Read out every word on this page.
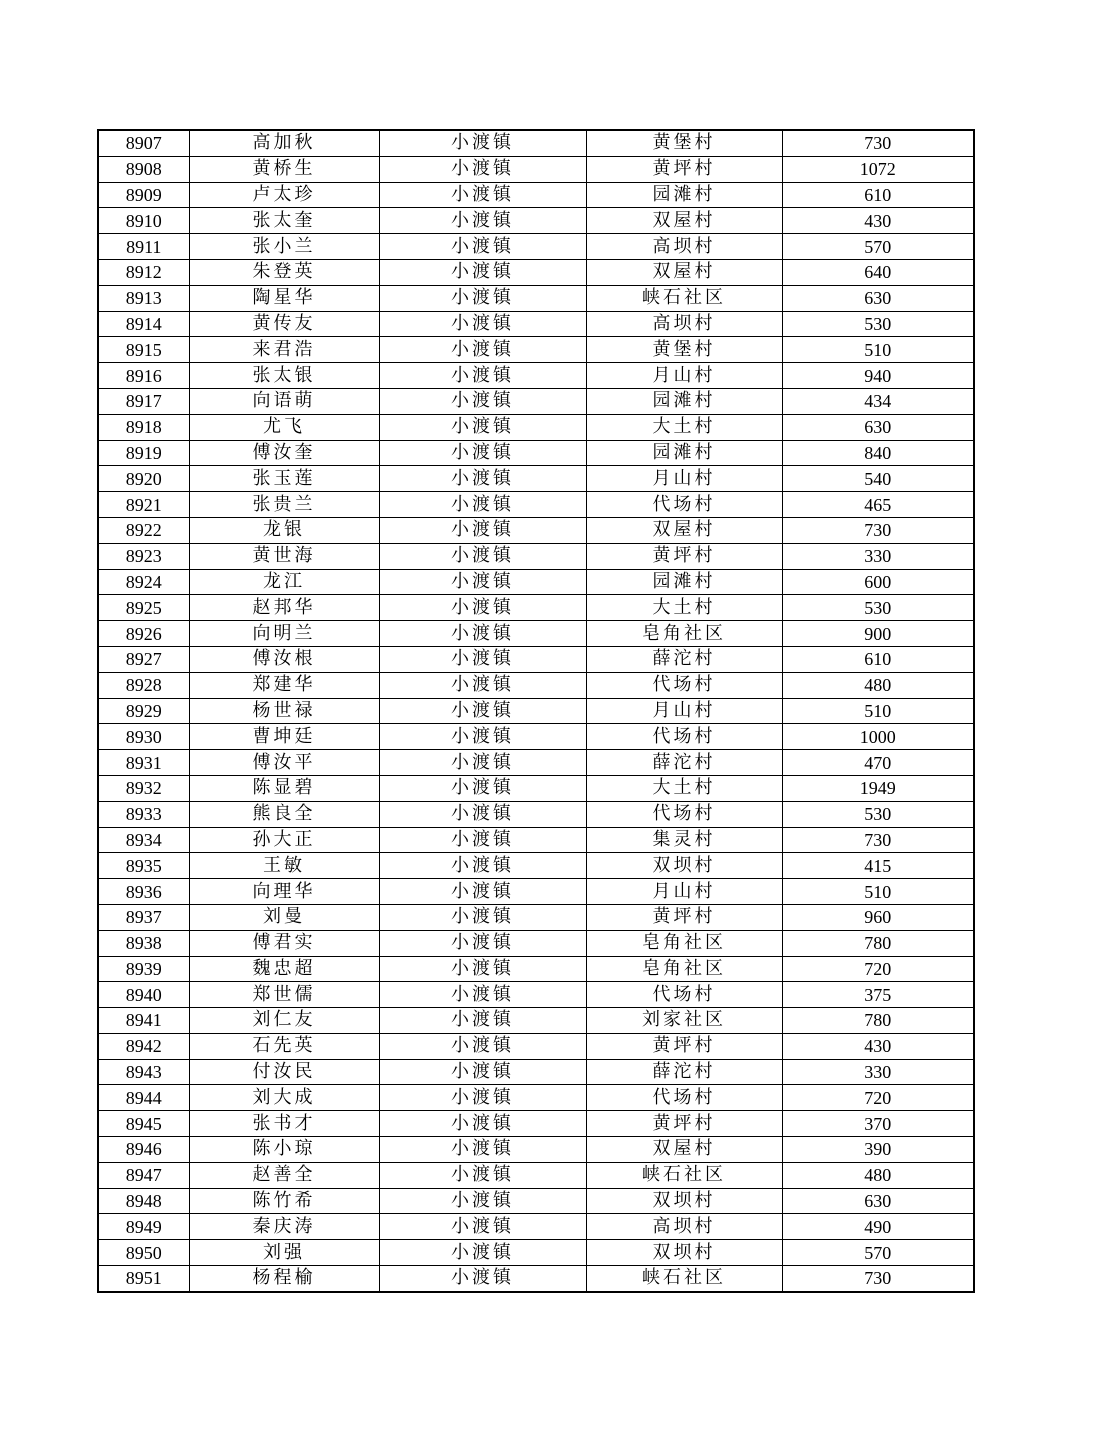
8907	高加秋	小渡镇	黄堡村	730
8908	黄桥生	小渡镇	黄坪村	1072
8909	卢太珍	小渡镇	园滩村	610
8910	张太奎	小渡镇	双屋村	430
8911	张小兰	小渡镇	高坝村	570
8912	朱登英	小渡镇	双屋村	640
8913	陶星华	小渡镇	峡石社区	630
8914	黄传友	小渡镇	高坝村	530
8915	来君浩	小渡镇	黄堡村	510
8916	张太银	小渡镇	月山村	940
8917	向语萌	小渡镇	园滩村	434
8918	尤飞	小渡镇	大土村	630
8919	傅汝奎	小渡镇	园滩村	840
8920	张玉莲	小渡镇	月山村	540
8921	张贵兰	小渡镇	代场村	465
8922	龙银	小渡镇	双屋村	730
8923	黄世海	小渡镇	黄坪村	330
8924	龙江	小渡镇	园滩村	600
8925	赵邦华	小渡镇	大土村	530
8926	向明兰	小渡镇	皂角社区	900
8927	傅汝根	小渡镇	薛沱村	610
8928	郑建华	小渡镇	代场村	480
8929	杨世禄	小渡镇	月山村	510
8930	曹坤廷	小渡镇	代场村	1000
8931	傅汝平	小渡镇	薛沱村	470
8932	陈显碧	小渡镇	大土村	1949
8933	熊良全	小渡镇	代场村	530
8934	孙大正	小渡镇	集灵村	730
8935	王敏	小渡镇	双坝村	415
8936	向理华	小渡镇	月山村	510
8937	刘曼	小渡镇	黄坪村	960
8938	傅君实	小渡镇	皂角社区	780
8939	魏忠超	小渡镇	皂角社区	720
8940	郑世儒	小渡镇	代场村	375
8941	刘仁友	小渡镇	刘家社区	780
8942	石先英	小渡镇	黄坪村	430
8943	付汝民	小渡镇	薛沱村	330
8944	刘大成	小渡镇	代场村	720
8945	张书才	小渡镇	黄坪村	370
8946	陈小琼	小渡镇	双屋村	390
8947	赵善全	小渡镇	峡石社区	480
8948	陈竹希	小渡镇	双坝村	630
8949	秦庆涛	小渡镇	高坝村	490
8950	刘强	小渡镇	双坝村	570
8951	杨程榆	小渡镇	峡石社区	730
